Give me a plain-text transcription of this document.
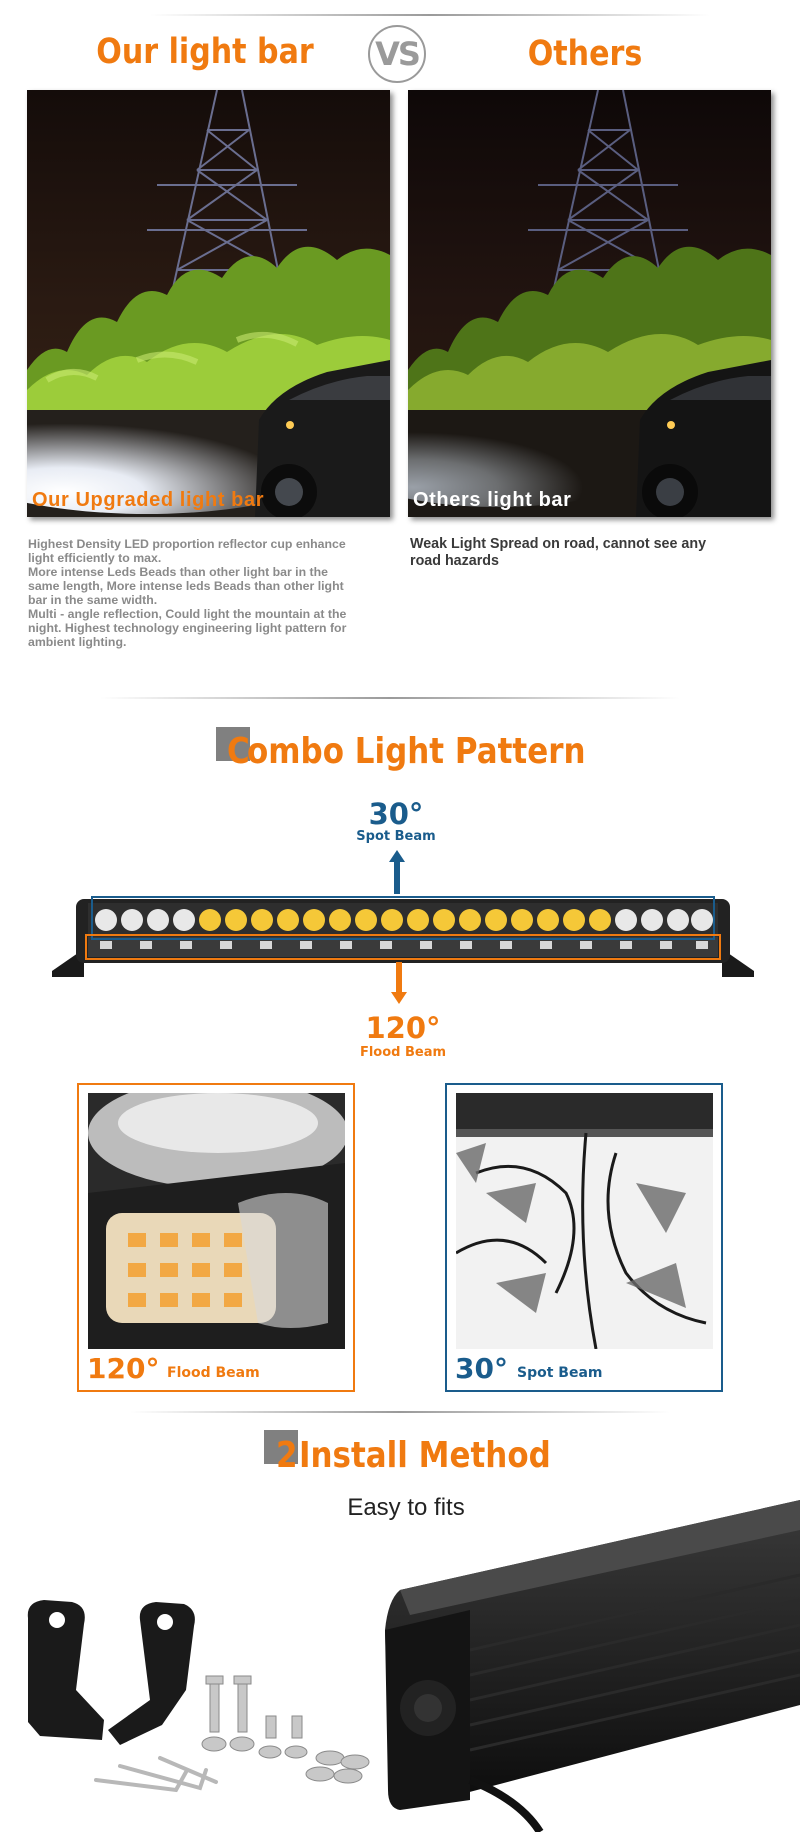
Our light bar	VS	Others
Our Upgraded light bar	Others light bar
Highest Density LED proportion reflector cup enhance
light efficiently to max.
More intense Leds Beads than other light bar in the
same length, More intense leds Beads than other light
bar in the same width.
Multi - angle reflection, Could light the mountain at the
night. Highest technology engineering light pattern for
ambient lighting.
Weak Light Spread on road, cannot see any
road hazards
C
ombo Light Pattern
30°
Spot Beam
120°
Flood Beam
120° Flood Beam	30° Spot Beam
2 Install Method
Easy to fits
